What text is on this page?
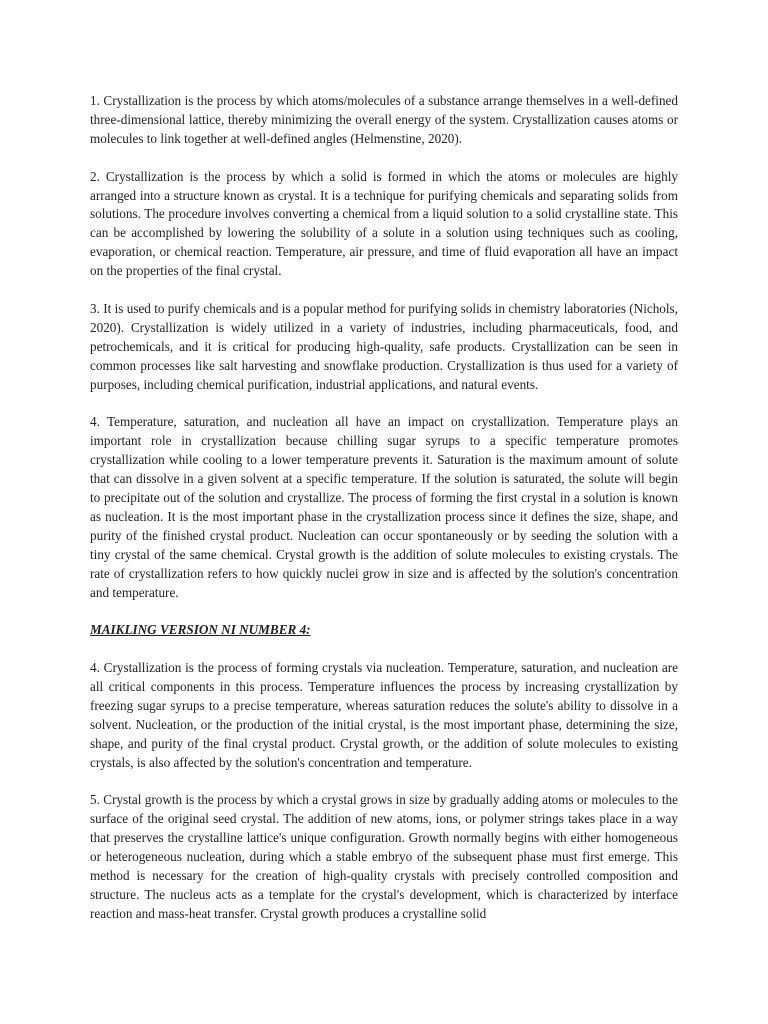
1. Crystallization is the process by which atoms/molecules of a substance arrange themselves in a well-defined three-dimensional lattice, thereby minimizing the overall energy of the system. Crystallization causes atoms or molecules to link together at well-defined angles (Helmenstine, 2020).

2. Crystallization is the process by which a solid is formed in which the atoms or molecules are highly arranged into a structure known as crystal. It is a technique for purifying chemicals and separating solids from solutions. The procedure involves converting a chemical from a liquid solution to a solid crystalline state. This can be accomplished by lowering the solubility of a solute in a solution using techniques such as cooling, evaporation, or chemical reaction. Temperature, air pressure, and time of fluid evaporation all have an impact on the properties of the final crystal.

3. It is used to purify chemicals and is a popular method for purifying solids in chemistry laboratories (Nichols, 2020). Crystallization is widely utilized in a variety of industries, including pharmaceuticals, food, and petrochemicals, and it is critical for producing high-quality, safe products. Crystallization can be seen in common processes like salt harvesting and snowflake production. Crystallization is thus used for a variety of purposes, including chemical purification, industrial applications, and natural events.

4. Temperature, saturation, and nucleation all have an impact on crystallization. Temperature plays an important role in crystallization because chilling sugar syrups to a specific temperature promotes crystallization while cooling to a lower temperature prevents it. Saturation is the maximum amount of solute that can dissolve in a given solvent at a specific temperature. If the solution is saturated, the solute will begin to precipitate out of the solution and crystallize. The process of forming the first crystal in a solution is known as nucleation. It is the most important phase in the crystallization process since it defines the size, shape, and purity of the finished crystal product. Nucleation can occur spontaneously or by seeding the solution with a tiny crystal of the same chemical. Crystal growth is the addition of solute molecules to existing crystals. The rate of crystallization refers to how quickly nuclei grow in size and is affected by the solution's concentration and temperature.

MAIKLING VERSION NI NUMBER 4:

4. Crystallization is the process of forming crystals via nucleation. Temperature, saturation, and nucleation are all critical components in this process. Temperature influences the process by increasing crystallization by freezing sugar syrups to a precise temperature, whereas saturation reduces the solute's ability to dissolve in a solvent. Nucleation, or the production of the initial crystal, is the most important phase, determining the size, shape, and purity of the final crystal product. Crystal growth, or the addition of solute molecules to existing crystals, is also affected by the solution's concentration and temperature.

5. Crystal growth is the process by which a crystal grows in size by gradually adding atoms or molecules to the surface of the original seed crystal. The addition of new atoms, ions, or polymer strings takes place in a way that preserves the crystalline lattice's unique configuration. Growth normally begins with either homogeneous or heterogeneous nucleation, during which a stable embryo of the subsequent phase must first emerge. This method is necessary for the creation of high-quality crystals with precisely controlled composition and structure. The nucleus acts as a template for the crystal's development, which is characterized by interface reaction and mass-heat transfer. Crystal growth produces a crystalline solid
